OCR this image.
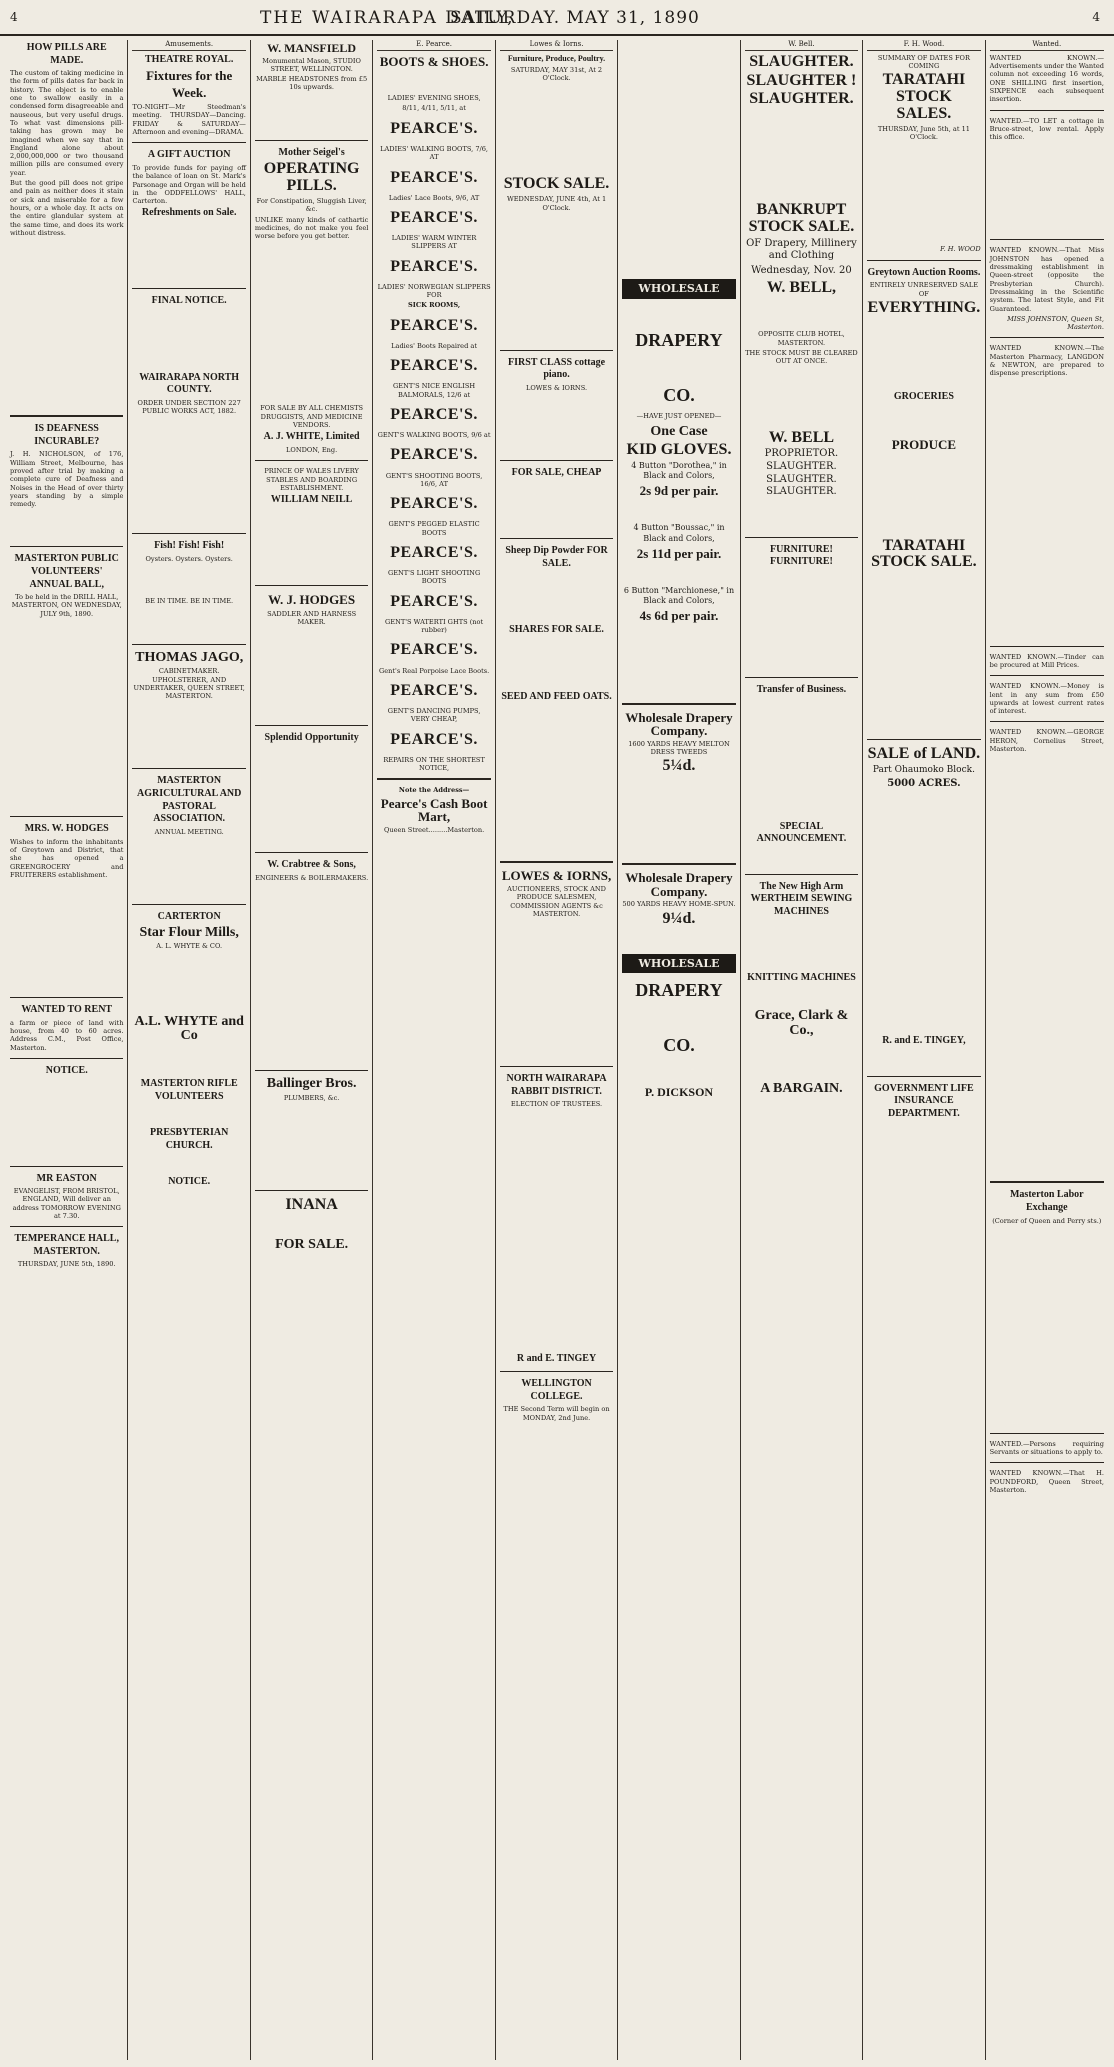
4	THE WAIRARAPA DAILY,
SATURDAY. MAY 31, 1890	4
HOW PILLS ARE MADE.

The custom of taking medicine in the form of pills dates far back in history. The object is to enable one to swallow easily in a condensed form disagreeable and nauseous, but very useful drugs. To what vast dimensions pill-taking has grown may be imagined when we say that in England alone about 2,000,000,000 or two thousand million pills are consumed every year.

But the good pill does not gripe and pain as neither does it stain or sick and miserable for a few hours, or a whole day. It acts on the entire glandular system at the same time, and does its work without distress.

IS DEAFNESS INCURABLE?

J. H. NICHOLSON, of 176, William Street, Melbourne, has proved after trial by making a complete cure of Deafness and Noises in the Head of over thirty years standing by a simple remedy.

MASTERTON PUBLIC VOLUNTEERS' ANNUAL BALL,

To be held in the DRILL HALL, MASTERTON, ON WEDNESDAY, JULY 9th, 1890.

MRS. W. HODGES

Wishes to inform the inhabitants of Greytown and District, that she has opened a GREENGROCERY and FRUITERERS establishment.

WANTED TO RENT

a farm or piece of land with house, from 40 to 60 acres. Address C.M., Post Office, Masterton.

NOTICE.
MR EASTON

EVANGELIST, FROM BRISTOL, ENGLAND, Will deliver an address TOMORROW EVENING at 7.30.

TEMPERANCE HALL, MASTERTON.

THURSDAY, JUNE 5th, 1890.

Amusements.
THEATRE ROYAL.
Fixtures for the Week.

TO-NIGHT—Mr Steedman's meeting. THURSDAY—Dancing. FRIDAY & SATURDAY—Afternoon and evening—DRAMA.

A GIFT AUCTION

To provide funds for paying off the balance of loan on St. Mark's Parsonage and Organ will be held in the ODDFELLOWS' HALL, Carterton.

Refreshments on Sale.
FINAL NOTICE.
WAIRARAPA NORTH COUNTY.

ORDER UNDER SECTION 227 PUBLIC WORKS ACT, 1882.

Fish! Fish! Fish!

Oysters. Oysters. Oysters.

BE IN TIME. BE IN TIME.

THOMAS JAGO,

CABINETMAKER. UPHOLSTERER, AND UNDERTAKER, QUEEN STREET, MASTERTON.

MASTERTON AGRICULTURAL AND PASTORAL ASSOCIATION.

ANNUAL MEETING.

CARTERTON
Star Flour Mills,

A. L. WHYTE & CO.

A.L. WHYTE and Co
MASTERTON RIFLE VOLUNTEERS
PRESBYTERIAN CHURCH.
NOTICE.
W. MANSFIELD

Monumental Mason, STUDIO STREET, WELLINGTON.

MARBLE HEADSTONES from £5 10s upwards.

Mother Seigel's
OPERATING PILLS.

For Constipation, Sluggish Liver, &c.

UNLIKE many kinds of cathartic medicines, do not make you feel worse before you get better.

FOR SALE BY ALL CHEMISTS DRUGGISTS, AND MEDICINE VENDORS.

A. J. WHITE, Limited

LONDON, Eng.

PRINCE OF WALES LIVERY STABLES AND BOARDING ESTABLISHMENT.

WILLIAM NEILL
W. J. HODGES

SADDLER AND HARNESS MAKER.

Splendid Opportunity
W. Crabtree & Sons,

ENGINEERS & BOILERMAKERS.

Ballinger Bros.

PLUMBERS, &c.

INANA
FOR SALE.
E. Pearce.
BOOTS & SHOES.

LADIES' EVENING SHOES,

8/11, 4/11, 5/11, at

PEARCE'S.

LADIES' WALKING BOOTS, 7/6, AT

PEARCE'S.

Ladies' Lace Boots, 9/6, AT

PEARCE'S.

LADIES' WARM WINTER SLIPPERS AT

PEARCE'S.

LADIES' NORWEGIAN SLIPPERS FOR

SICK ROOMS,

PEARCE'S.

Ladies' Boots Repaired at

PEARCE'S.

GENT'S NICE ENGLISH BALMORALS, 12/6 at

PEARCE'S.

GENT'S WALKING BOOTS, 9/6 at

PEARCE'S.

GENT'S SHOOTING BOOTS, 16/6, AT

PEARCE'S.

GENT'S PEGGED ELASTIC BOOTS

PEARCE'S.

GENT'S LIGHT SHOOTING BOOTS

PEARCE'S.

GENT'S WATERTI GHTS (not rubber)

PEARCE'S.

Gent's Real Porpoise Lace Boots.

PEARCE'S.

GENT'S DANCING PUMPS, VERY CHEAP,

PEARCE'S.

REPAIRS ON THE SHORTEST NOTICE,

Note the Address—

Pearce's Cash Boot Mart,

Queen Street.........Masterton.

Lowes & Iorns.
Furniture, Produce, Poultry.

SATURDAY, MAY 31st, At 2 O'Clock.

STOCK SALE.

WEDNESDAY, JUNE 4th, At 1 O'Clock.

FIRST CLASS cottage piano.

LOWES & IORNS.

FOR SALE, CHEAP
Sheep Dip Powder FOR SALE.
SHARES FOR SALE.
SEED AND FEED OATS.
LOWES & IORNS,

AUCTIONEERS, STOCK AND PRODUCE SALESMEN, COMMISSION AGENTS &c MASTERTON.

NORTH WAIRARAPA RABBIT DISTRICT.

ELECTION OF TRUSTEES.

R and E. TINGEY
WELLINGTON COLLEGE.

THE Second Term will begin on MONDAY, 2nd June.

WHOLESALE
DRAPERY
CO.

—HAVE JUST OPENED—

One Case
KID GLOVES.

4 Button "Dorothea," in Black and Colors,

2s 9d per pair.

4 Button "Boussac," in Black and Colors,

2s 11d per pair.

6 Button "Marchionese," in Black and Colors,

4s 6d per pair.
Wholesale Drapery Company.

1600 YARDS HEAVY MELTON DRESS TWEEDS

5¼d.
Wholesale Drapery Company.

500 YARDS HEAVY HOME-SPUN.

9¼d.
WHOLESALE
DRAPERY
CO.
P. DICKSON
W. Bell.
SLAUGHTER.
SLAUGHTER !
SLAUGHTER.
BANKRUPT STOCK SALE.

OF Drapery, Millinery and Clothing

Wednesday, Nov. 20

W. BELL,

OPPOSITE CLUB HOTEL, MASTERTON.

THE STOCK MUST BE CLEARED OUT AT ONCE.

W. BELL

PROPRIETOR. SLAUGHTER. SLAUGHTER. SLAUGHTER.

FURNITURE! FURNITURE!
Transfer of Business.
SPECIAL ANNOUNCEMENT.
The New High Arm WERTHEIM SEWING MACHINES
KNITTING MACHINES
Grace, Clark & Co.,
A BARGAIN.
F. H. Wood.

SUMMARY OF DATES FOR COMING

TARATAHI STOCK SALES.

THURSDAY, June 5th, at 11 O'Clock.

F. H. WOOD

Greytown Auction Rooms.

ENTIRELY UNRESERVED SALE OF

EVERYTHING.
GROCERIES
PRODUCE
TARATAHI STOCK SALE.
SALE of LAND.

Part Ohaumoko Block.

5000 ACRES.

R. and E. TINGEY,
GOVERNMENT LIFE INSURANCE DEPARTMENT.
Wanted.

WANTED KNOWN.—Advertisements under the Wanted column not exceeding 16 words, ONE SHILLING first insertion, SIXPENCE each subsequent insertion.

WANTED.—TO LET a cottage in Bruce-street, low rental. Apply this office.

WANTED KNOWN.—That Miss JOHNSTON has opened a dressmaking establishment in Queen-street (opposite the Presbyterian Church). Dressmaking in the Scientific system. The latest Style, and Fit Guaranteed.

MISS JOHNSTON, Queen St, Masterton.

WANTED KNOWN.—The Masterton Pharmacy, LANGDON & NEWTON, are prepared to dispense prescriptions.

WANTED KNOWN.—Tinder can be procured at Mill Prices.

WANTED KNOWN.—Money is lent in any sum from £50 upwards at lowest current rates of interest.

WANTED KNOWN.—GEORGE HERON, Cornelius Street, Masterton.

Masterton Labor Exchange

(Corner of Queen and Perry sts.)

WANTED.—Persons requiring Servants or situations to apply to.

WANTED KNOWN.—That H. POUNDFORD, Queen Street, Masterton.
